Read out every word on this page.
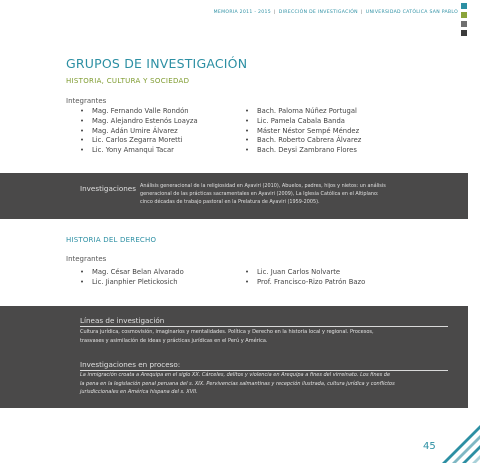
MEMORIA 2011 - 2015 | DIRECCIÓN DE INVESTIGACIÓN | UNIVERSIDAD CATÓLICA SAN PABLO
GRUPOS DE INVESTIGACIÓN
HISTORIA, CULTURA Y SOCIEDAD
Integrantes
• Mag. Fernando Valle Rondón
• Mag. Alejandro Estenós Loayza
• Mag. Adán Umire Álvarez
• Lic. Carlos Zegarra Moretti
• Lic. Yony Amanqui Tacar
• Bach. Paloma Núñez Portugal
• Lic. Pamela Cabala Banda
• Máster Néstor Sempé Méndez
• Bach. Roberto Cabrera Álvarez
• Bach. Deysi Zambrano Flores
Investigaciones Análisis generacional de la religiosidad en Ayaviri (2010), Abuelos, padres, hijos y nietos: un análisis
generacional de las prácticas sacramentales en Ayaviri (2009), La Iglesia Católica en el Altiplano:
cinco décadas de trabajo pastoral en la Prelatura de Ayaviri (1959-2005).
HISTORIA DEL DERECHO
Integrantes
• Mag. César Belan Alvarado
• Lic. Jianphier Pletickosich
• Lic. Juan Carlos Nolvarte
• Prof. Francisco-Rizo Patrón Bazo
Líneas de investigación
Cultura jurídica, cosmovisión, imaginarios y mentalidades. Política y Derecho en la historia local y regional. Procesos,
trasvases y asimilación de ideas y prácticas jurídicas en el Perú y América.
Investigaciones en proceso:
La inmigración croata a Arequipa en el siglo XX. Cárceles, delitos y violencia en Arequipa a fines del virreinato. Los fines de
la pena en la legislación penal peruana del s. XIX. Pervivencias salmantinas y recepción ilustrada, cultura jurídica y conflictos
jurisdiccionales en América hispana del s. XVII.
45
